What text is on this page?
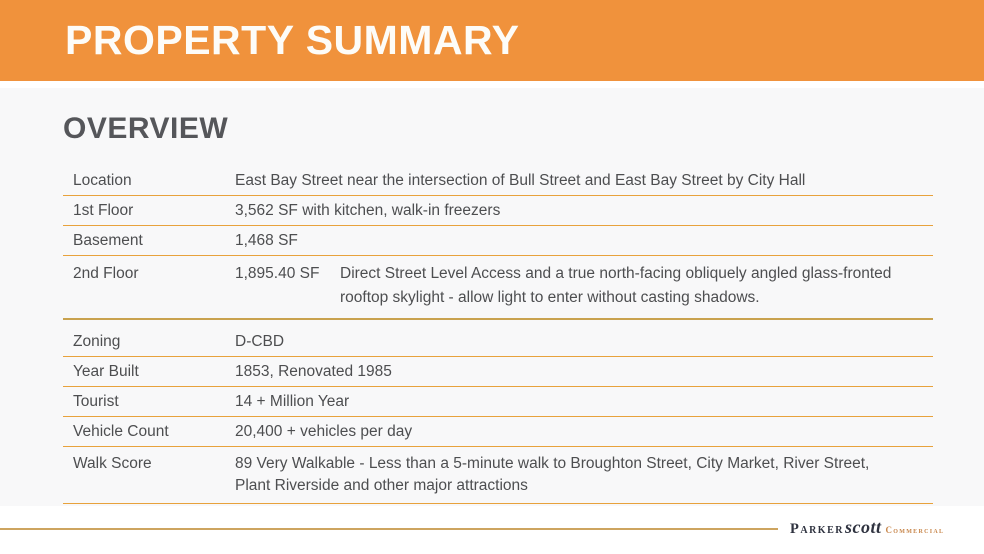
PROPERTY SUMMARY
OVERVIEW
Location	East Bay Street near the intersection of Bull Street and East Bay Street by City Hall
1st Floor	3,562 SF with kitchen, walk-in freezers
Basement	1,468 SF
2nd Floor	1,895.40 SF	Direct Street Level Access and a true north-facing obliquely angled glass-fronted rooftop skylight - allow light to enter without casting shadows.
Zoning	D-CBD
Year Built	1853, Renovated 1985
Tourist	14 + Million Year
Vehicle Count	20,400 + vehicles per day
Walk Score	89 Very Walkable - Less than a 5-minute walk to Broughton Street, City Market, River Street, Plant Riverside and other major attractions
Parker scott Commercial
